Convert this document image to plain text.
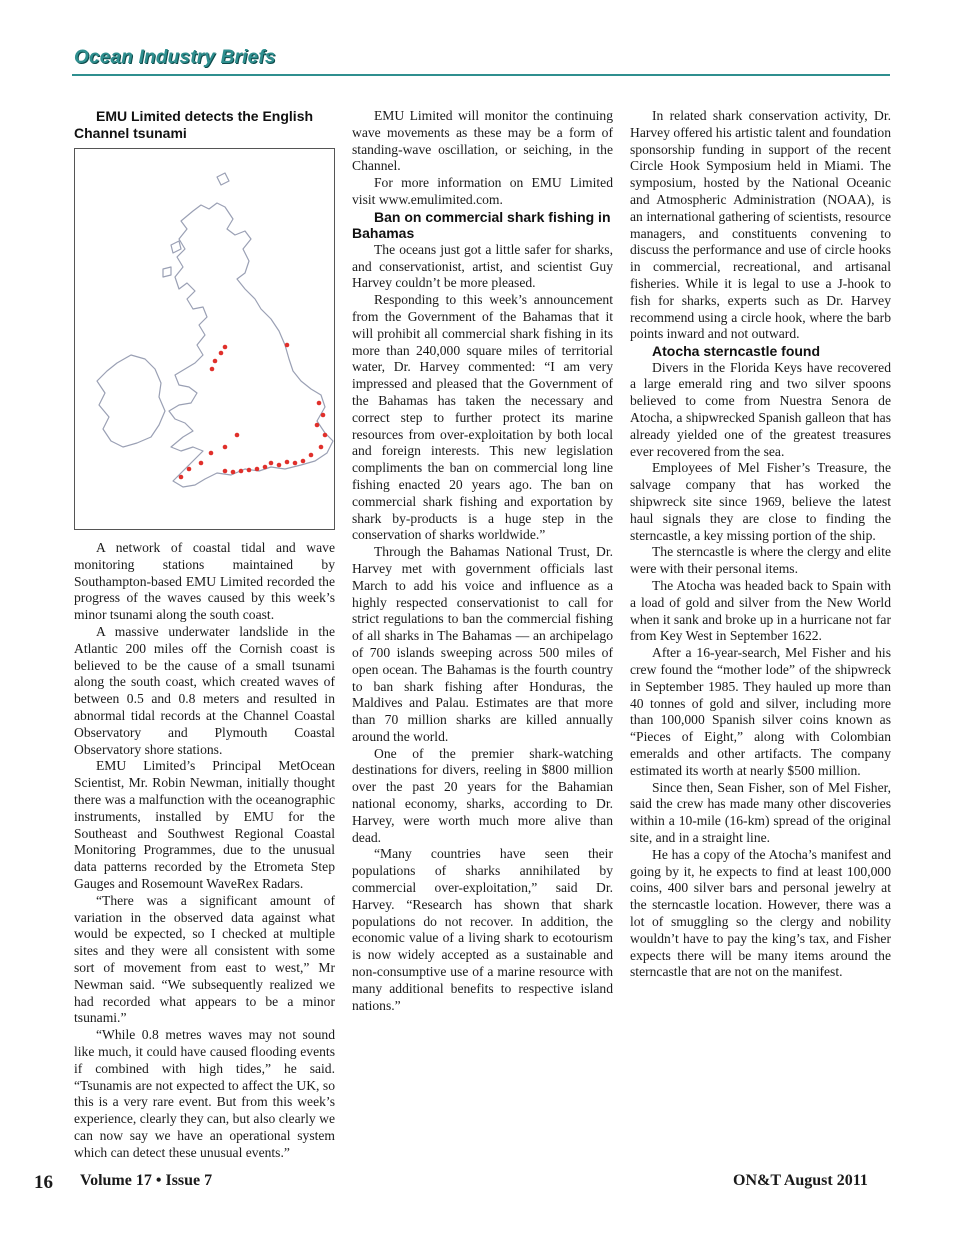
Ocean Industry Briefs

EMU Limited detects the English Channel tsunami

A network of coastal tidal and wave monitoring stations maintained by Southampton-based EMU Limited recorded the progress of the waves caused by this week’s minor tsunami along the south coast.

A massive underwater landslide in the Atlantic 200 miles off the Cornish coast is believed to be the cause of a small tsunami along the south coast, which created waves of between 0.5 and 0.8 meters and resulted in abnormal tidal records at the Channel Coastal Observatory and Plymouth Coastal Observatory shore stations.

EMU Limited’s Principal MetOcean Scientist, Mr. Robin Newman, initially thought there was a malfunction with the oceanographic instruments, installed by EMU for the Southeast and Southwest Regional Coastal Monitoring Programmes, due to the unusual data patterns recorded by the Etrometa Step Gauges and Rosemount WaveRex Radars.

“There was a significant amount of variation in the observed data against what would be expected, so I checked at multiple sites and they were all consistent with some sort of movement from east to west,” Mr Newman said. “We subsequently realized we had recorded what appears to be a minor tsunami.”

“While 0.8 metres waves may not sound like much, it could have caused flooding events if combined with high tides,” he said. “Tsunamis are not expected to affect the UK, so this is a very rare event. But from this week’s experience, clearly they can, but also clearly we can now say we have an operational system which can detect these unusual events.”

EMU Limited will monitor the continuing wave movements as these may be a form of standing-wave oscillation, or seiching, in the Channel.

For more information on EMU Limited visit www.emulimited.com.

Ban on commercial shark fishing in Bahamas

The oceans just got a little safer for sharks, and conservationist, artist, and scientist Guy Harvey couldn’t be more pleased.

Responding to this week’s announcement from the Government of the Bahamas that it will prohibit all commercial shark fishing in its more than 240,000 square miles of territorial water, Dr. Harvey commented: “I am very impressed and pleased that the Government of the Bahamas has taken the necessary and correct step to further protect its marine resources from over-exploitation by both local and foreign interests. This new legislation compliments the ban on commercial long line fishing enacted 20 years ago. The ban on commercial shark fishing and exportation by shark by-products is a huge step in the conservation of sharks worldwide.”

Through the Bahamas National Trust, Dr. Harvey met with government officials last March to add his voice and influence as a highly respected conservationist to call for strict regulations to ban the commercial fishing of all sharks in The Bahamas — an archipelago of 700 islands sweeping across 500 miles of open ocean. The Bahamas is the fourth country to ban shark fishing after Honduras, the Maldives and Palau. Estimates are that more than 70 million sharks are killed annually around the world.

One of the premier shark-watching destinations for divers, reeling in $800 million over the past 20 years for the Bahamian national economy, sharks, according to Dr. Harvey, were worth much more alive than dead.

“Many countries have seen their populations of sharks annihilated by commercial over-exploitation,” said Dr. Harvey. “Research has shown that shark populations do not recover. In addition, the economic value of a living shark to ecotourism is now widely accepted as a sustainable and non-consumptive use of a marine resource with many additional benefits to respective island nations.”

In related shark conservation activity, Dr. Harvey offered his artistic talent and foundation sponsorship funding in support of the recent Circle Hook Symposium held in Miami. The symposium, hosted by the National Oceanic and Atmospheric Administration (NOAA), is an international gathering of scientists, resource managers, and constituents convening to discuss the performance and use of circle hooks in commercial, recreational, and artisanal fisheries. While it is legal to use a J-hook to fish for sharks, experts such as Dr. Harvey recommend using a circle hook, where the barb points inward and not outward.

Atocha sterncastle found

Divers in the Florida Keys have recovered a large emerald ring and two silver spoons believed to come from Nuestra Senora de Atocha, a shipwrecked Spanish galleon that has already yielded one of the greatest treasures ever recovered from the sea.

Employees of Mel Fisher’s Treasure, the salvage company that has worked the shipwreck site since 1969, believe the latest haul signals they are close to finding the sterncastle, a key missing portion of the ship.

The sterncastle is where the clergy and elite were with their personal items.

The Atocha was headed back to Spain with a load of gold and silver from the New World when it sank and broke up in a hurricane not far from Key West in September 1622.

After a 16-year-search, Mel Fisher and his crew found the “mother lode” of the shipwreck in September 1985. They hauled up more than 40 tonnes of gold and silver, including more than 100,000 Spanish silver coins known as “Pieces of Eight,” along with Colombian emeralds and other artifacts. The company estimated its worth at nearly $500 million.

Since then, Sean Fisher, son of Mel Fisher, said the crew has made many other discoveries within a 10-mile (16-km) spread of the original site, and in a straight line.

He has a copy of the Atocha’s manifest and going by it, he expects to find at least 100,000 coins, 400 silver bars and personal jewelry at the sterncastle location. However, there was a lot of smuggling so the clergy and nobility wouldn’t have to pay the king’s tax, and Fisher expects there will be many items around the sterncastle that are not on the manifest.

16 Volume 17 • Issue 7	ON&T August 2011
